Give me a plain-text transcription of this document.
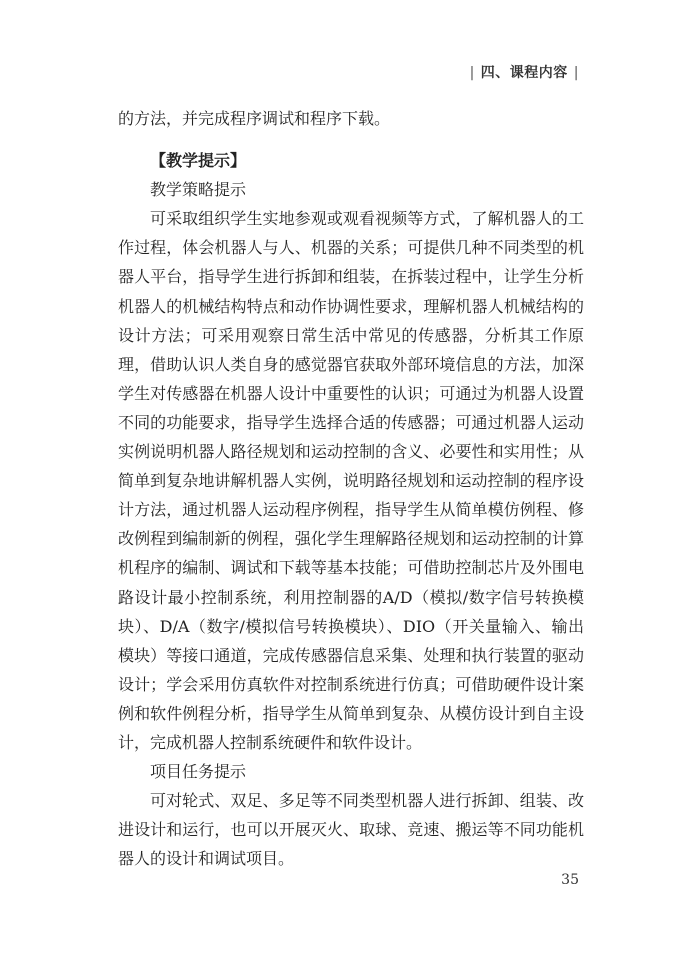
| 四、课程内容 |

的方法，并完成程序调试和程序下载。

【教学提示】

教学策略提示

可采取组织学生实地参观或观看视频等方式，了解机器人的工作过程，体会机器人与人、机器的关系；可提供几种不同类型的机器人平台，指导学生进行拆卸和组装，在拆装过程中，让学生分析机器人的机械结构特点和动作协调性要求，理解机器人机械结构的设计方法；可采用观察日常生活中常见的传感器，分析其工作原理，借助认识人类自身的感觉器官获取外部环境信息的方法，加深学生对传感器在机器人设计中重要性的认识；可通过为机器人设置不同的功能要求，指导学生选择合适的传感器；可通过机器人运动实例说明机器人路径规划和运动控制的含义、必要性和实用性；从简单到复杂地讲解机器人实例，说明路径规划和运动控制的程序设计方法，通过机器人运动程序例程，指导学生从简单模仿例程、修改例程到编制新的例程，强化学生理解路径规划和运动控制的计算机程序的编制、调试和下载等基本技能；可借助控制芯片及外围电路设计最小控制系统，利用控制器的A/D（模拟/数字信号转换模块）、D/A（数字/模拟信号转换模块）、DIO（开关量输入、输出模块）等接口通道，完成传感器信息采集、处理和执行装置的驱动设计；学会采用仿真软件对控制系统进行仿真；可借助硬件设计案例和软件例程分析，指导学生从简单到复杂、从模仿设计到自主设计，完成机器人控制系统硬件和软件设计。

项目任务提示

可对轮式、双足、多足等不同类型机器人进行拆卸、组装、改进设计和运行，也可以开展灭火、取球、竞速、搬运等不同功能机器人的设计和调试项目。

35
